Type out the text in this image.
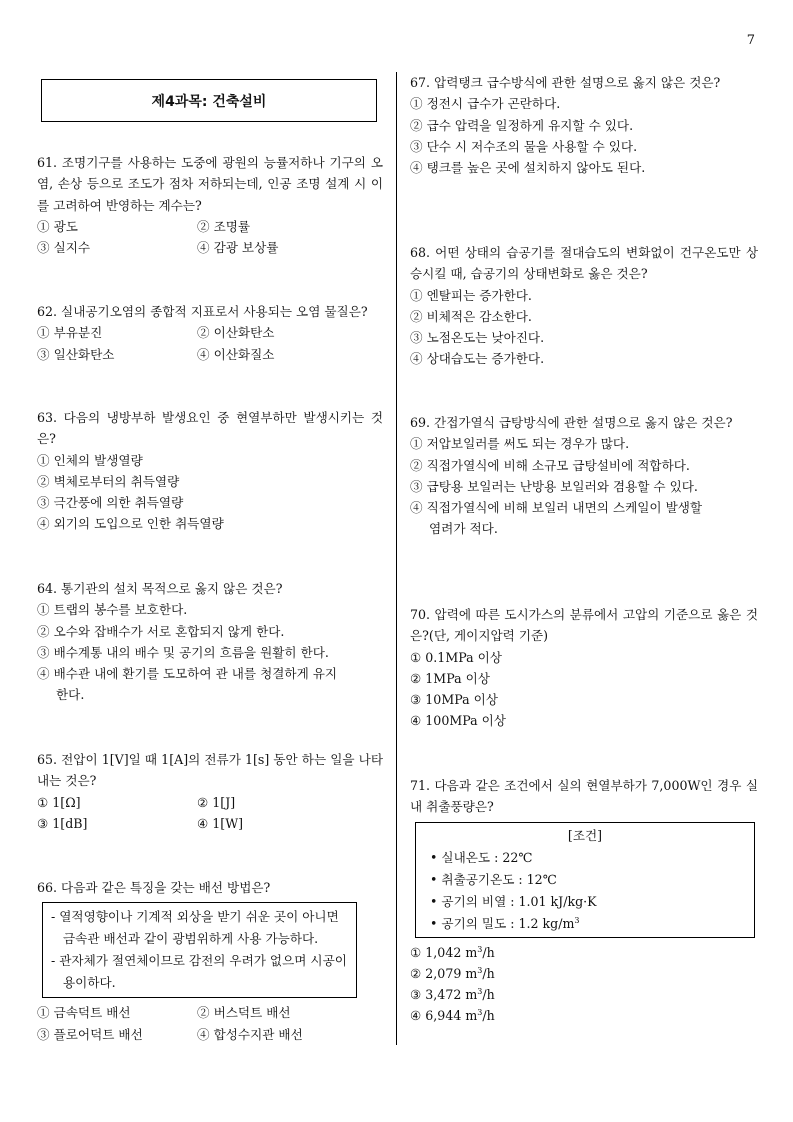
7
제4과목: 건축설비
61. 조명기구를 사용하는 도중에 광원의 능률저하나 기구의 오염, 손상 등으로 조도가 점차 저하되는데, 인공 조명 설계 시 이를 고려하여 반영하는 계수는?
① 광도	② 조명률
③ 실지수	④ 감광 보상률
62. 실내공기오염의 종합적 지표로서 사용되는 오염 물질은?
① 부유분진	② 이산화탄소
③ 일산화탄소	④ 이산화질소
63. 다음의 냉방부하 발생요인 중 현열부하만 발생시키는 것은?
① 인체의 발생열량
② 벽체로부터의 취득열량
③ 극간풍에 의한 취득열량
④ 외기의 도입으로 인한 취득열량
64. 통기관의 설치 목적으로 옳지 않은 것은?
① 트랩의 봉수를 보호한다.
② 오수와 잡배수가 서로 혼합되지 않게 한다.
③ 배수계통 내의 배수 및 공기의 흐름을 원활히 한다.
④ 배수관 내에 환기를 도모하여 관 내를 청결하게 유지
한다.
65. 전압이 1[V]일 때 1[A]의 전류가 1[s] 동안 하는 일을 나타내는 것은?
① 1[Ω]	② 1[J]
③ 1[dB]	④ 1[W]
66. 다음과 같은 특징을 갖는 배선 방법은?
- 열적영향이나 기계적 외상을 받기 쉬운 곳이 아니면 금속관 배선과 같이 광범위하게 사용 가능하다.
- 관자체가 절연체이므로 감전의 우려가 없으며 시공이 용이하다.
① 금속덕트 배선	② 버스덕트 배선
③ 플로어덕트 배선	④ 합성수지관 배선
67. 압력탱크 급수방식에 관한 설명으로 옳지 않은 것은?
① 정전시 급수가 곤란하다.
② 급수 압력을 일정하게 유지할 수 있다.
③ 단수 시 저수조의 물을 사용할 수 있다.
④ 탱크를 높은 곳에 설치하지 않아도 된다.
68. 어떤 상태의 습공기를 절대습도의 변화없이 건구온도만 상승시킬 때, 습공기의 상태변화로 옳은 것은?
① 엔탈피는 증가한다.
② 비체적은 감소한다.
③ 노점온도는 낮아진다.
④ 상대습도는 증가한다.
69. 간접가열식 급탕방식에 관한 설명으로 옳지 않은 것은?
① 저압보일러를 써도 되는 경우가 많다.
② 직접가열식에 비해 소규모 급탕설비에 적합하다.
③ 급탕용 보일러는 난방용 보일러와 겸용할 수 있다.
④ 직접가열식에 비해 보일러 내면의 스케일이 발생할
염려가 적다.
70. 압력에 따른 도시가스의 분류에서 고압의 기준으로 옳은 것은?(단, 게이지압력 기준)
① 0.1MPa 이상
② 1MPa 이상
③ 10MPa 이상
④ 100MPa 이상
71. 다음과 같은 조건에서 실의 현열부하가 7,000W인 경우 실내 취출풍량은?
[조건]
• 실내온도 : 22℃
• 취출공기온도 : 12℃
• 공기의 비열 : 1.01 kJ/kg·K
• 공기의 밀도 : 1.2 $kg/m^3$
① 1,042 $m^3/h$
② 2,079 $m^3/h$
③ 3,472 $m^3/h$
④ 6,944 $m^3/h$
